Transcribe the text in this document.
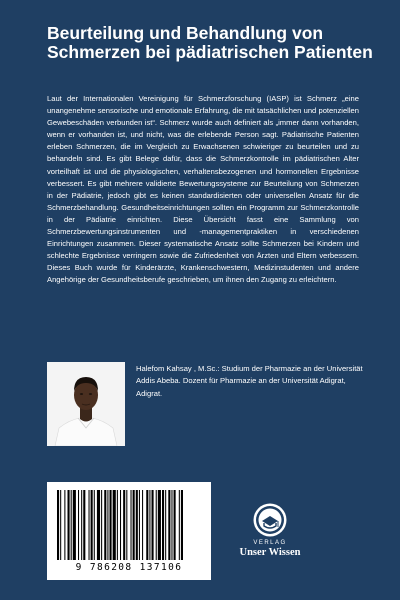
Beurteilung und Behandlung von Schmerzen bei pädiatrischen Patienten

Laut der Internationalen Vereinigung für Schmerzforschung (IASP) ist Schmerz „eine unangenehme sensorische und emotionale Erfahrung, die mit tatsächlichen und potenziellen Gewebeschäden verbunden ist“. Schmerz wurde auch definiert als „immer dann vorhanden, wenn er vorhanden ist, und nicht, was die erlebende Person sagt. Pädiatrische Patienten erleben Schmerzen, die im Vergleich zu Erwachsenen schwieriger zu beurteilen und zu behandeln sind. Es gibt Belege dafür, dass die Schmerzkontrolle im pädiatrischen Alter vorteilhaft ist und die physiologischen, verhaltensbezogenen und hormonellen Ergebnisse verbessert. Es gibt mehrere validierte Bewertungssysteme zur Beurteilung von Schmerzen in der Pädiatrie, jedoch gibt es keinen standardisierten oder universellen Ansatz für die Schmerzbehandlung. Gesundheitseinrichtungen sollten ein Programm zur Schmerzkontrolle in der Pädiatrie einrichten. Diese Übersicht fasst eine Sammlung von Schmerzbewertungsinstrumenten und -managementpraktiken in verschiedenen Einrichtungen zusammen. Dieser systematische Ansatz sollte Schmerzen bei Kindern und schlechte Ergebnisse verringern sowie die Zufriedenheit von Ärzten und Eltern verbessern. Dieses Buch wurde für Kinderärzte, Krankenschwestern, Medizinstudenten und andere Angehörige der Gesundheitsberufe geschrieben, um ihnen den Zugang zu erleichtern.

Halefom Kahsay , M.Sc.: Studium der Pharmazie an der Universität Addis Abeba. Dozent für Pharmazie an der Universität Adigrat, Adigrat.

9 786208 137106
VERLAG
Unser Wissen
